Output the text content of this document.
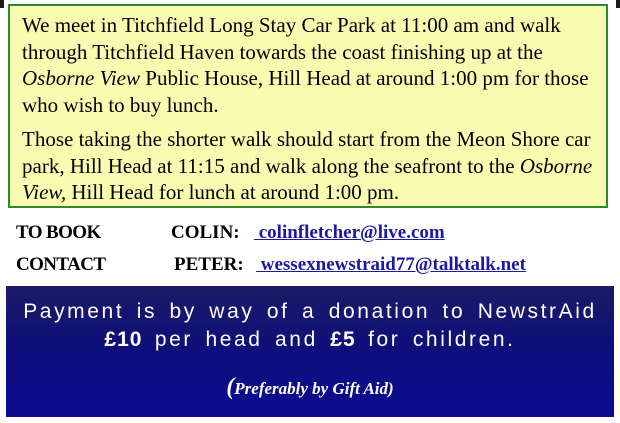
We meet in Titchfield Long Stay Car Park at 11:00 am and walk through Titchfield Haven towards the coast finishing up at the Osborne View Public House, Hill Head at around 1:00 pm for those who wish to buy lunch.

Those taking the shorter walk should start from the Meon Shore car park, Hill Head at 11:15 and walk along the seafront to the Osborne View, Hill Head for lunch at around 1:00 pm.

TO BOOK	COLIN: colinfletcher@live.com
CONTACT	PETER: wessexnewstraid77@talktalk.net
Payment is by way of a donation to NewstrAid
£10 per head and £5 for children.
(Preferably by Gift Aid)
